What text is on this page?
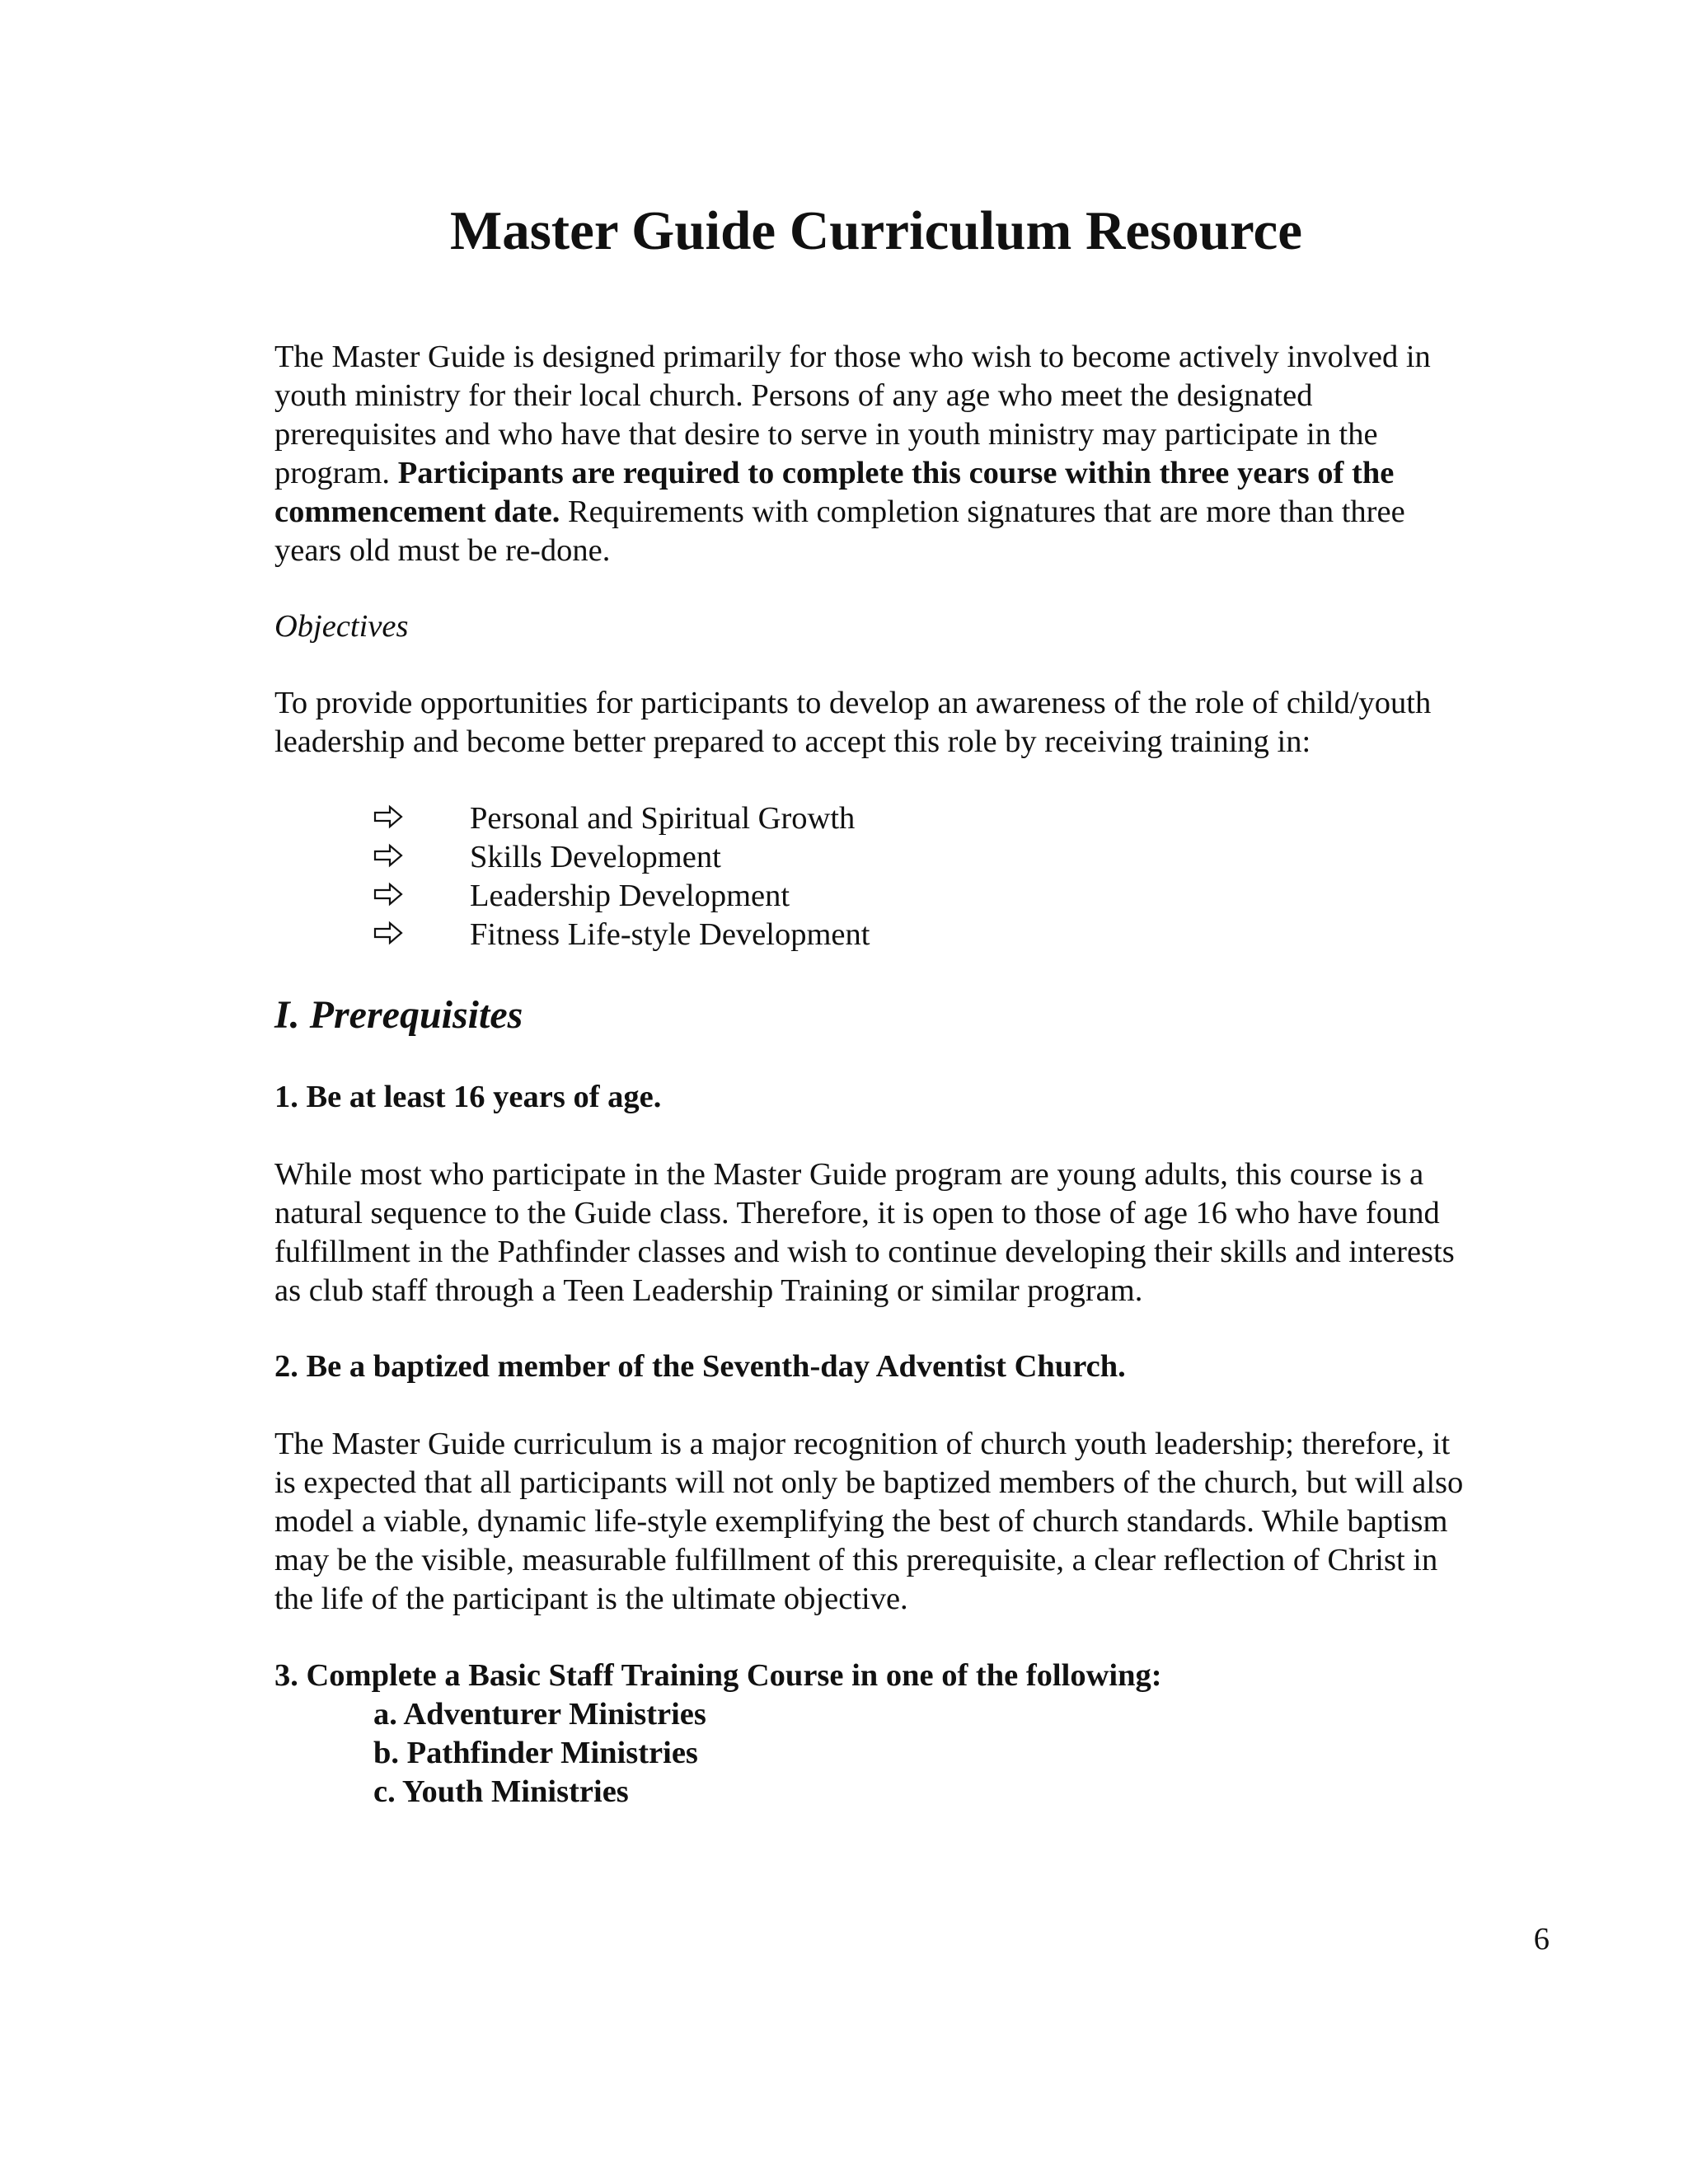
Master Guide Curriculum Resource

The Master Guide is designed primarily for those who wish to become actively involved in youth ministry for their local church. Persons of any age who meet the designated prerequisites and who have that desire to serve in youth ministry may participate in the program. Participants are required to complete this course within three years of the commencement date. Requirements with completion signatures that are more than three years old must be re-done.

Objectives

To provide opportunities for participants to develop an awareness of the role of child/youth leadership and become better prepared to accept this role by receiving training in:

Personal and Spiritual Growth
Skills Development
Leadership Development
Fitness Life-style Development
I. Prerequisites

1. Be at least 16 years of age.

While most who participate in the Master Guide program are young adults, this course is a natural sequence to the Guide class. Therefore, it is open to those of age 16 who have found fulfillment in the Pathfinder classes and wish to continue developing their skills and interests as club staff through a Teen Leadership Training or similar program.

2. Be a baptized member of the Seventh-day Adventist Church.

The Master Guide curriculum is a major recognition of church youth leadership; therefore, it is expected that all participants will not only be baptized members of the church, but will also model a viable, dynamic life-style exemplifying the best of church standards. While baptism may be the visible, measurable fulfillment of this prerequisite, a clear reflection of Christ in the life of the participant is the ultimate objective.

3. Complete a Basic Staff Training Course in one of the following:

a. Adventurer Ministries

b. Pathfinder Ministries

c. Youth Ministries

6
